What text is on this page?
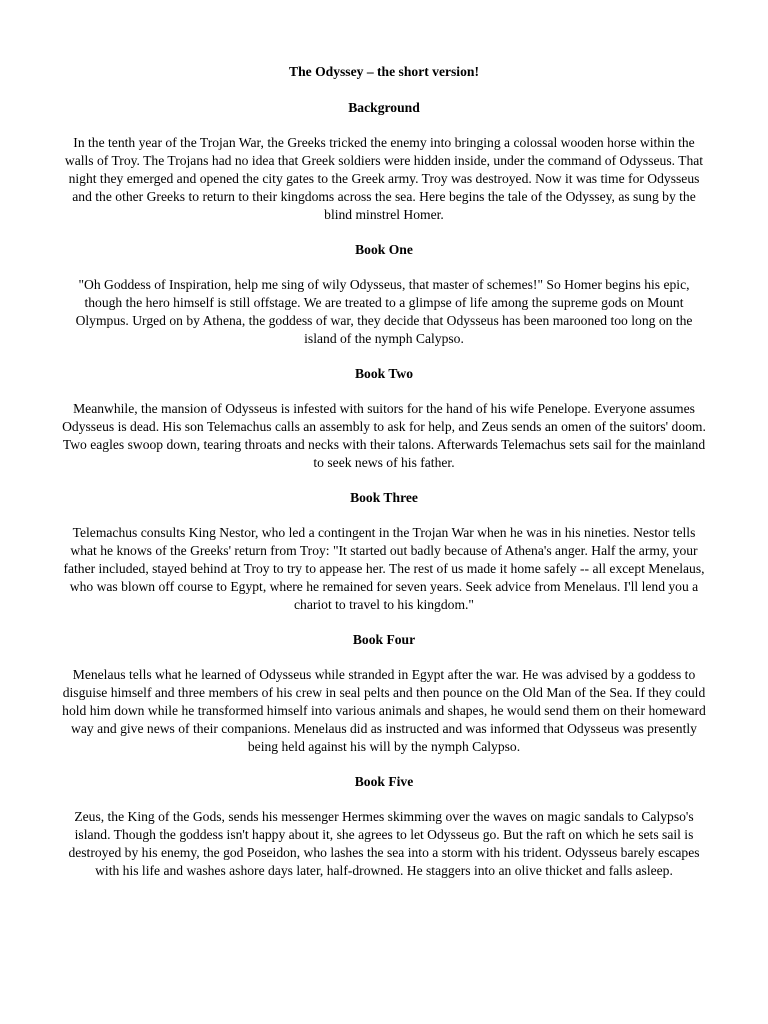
The Odyssey – the short version!

Background

In the tenth year of the Trojan War, the Greeks tricked the enemy into bringing a colossal wooden horse within the walls of Troy. The Trojans had no idea that Greek soldiers were hidden inside, under the command of Odysseus. That night they emerged and opened the city gates to the Greek army. Troy was destroyed. Now it was time for Odysseus and the other Greeks to return to their kingdoms across the sea. Here begins the tale of the Odyssey, as sung by the blind minstrel Homer.

Book One

"Oh Goddess of Inspiration, help me sing of wily Odysseus, that master of schemes!" So Homer begins his epic, though the hero himself is still offstage. We are treated to a glimpse of life among the supreme gods on Mount Olympus. Urged on by Athena, the goddess of war, they decide that Odysseus has been marooned too long on the island of the nymph Calypso.

Book Two

Meanwhile, the mansion of Odysseus is infested with suitors for the hand of his wife Penelope. Everyone assumes Odysseus is dead. His son Telemachus calls an assembly to ask for help, and Zeus sends an omen of the suitors' doom. Two eagles swoop down, tearing throats and necks with their talons. Afterwards Telemachus sets sail for the mainland to seek news of his father.

Book Three

Telemachus consults King Nestor, who led a contingent in the Trojan War when he was in his nineties. Nestor tells what he knows of the Greeks' return from Troy: "It started out badly because of Athena's anger. Half the army, your father included, stayed behind at Troy to try to appease her. The rest of us made it home safely -- all except Menelaus, who was blown off course to Egypt, where he remained for seven years. Seek advice from Menelaus. I'll lend you a chariot to travel to his kingdom."

Book Four

Menelaus tells what he learned of Odysseus while stranded in Egypt after the war. He was advised by a goddess to disguise himself and three members of his crew in seal pelts and then pounce on the Old Man of the Sea. If they could hold him down while he transformed himself into various animals and shapes, he would send them on their homeward way and give news of their companions. Menelaus did as instructed and was informed that Odysseus was presently being held against his will by the nymph Calypso.

Book Five

Zeus, the King of the Gods, sends his messenger Hermes skimming over the waves on magic sandals to Calypso's island. Though the goddess isn't happy about it, she agrees to let Odysseus go. But the raft on which he sets sail is destroyed by his enemy, the god Poseidon, who lashes the sea into a storm with his trident. Odysseus barely escapes with his life and washes ashore days later, half-drowned. He staggers into an olive thicket and falls asleep.
